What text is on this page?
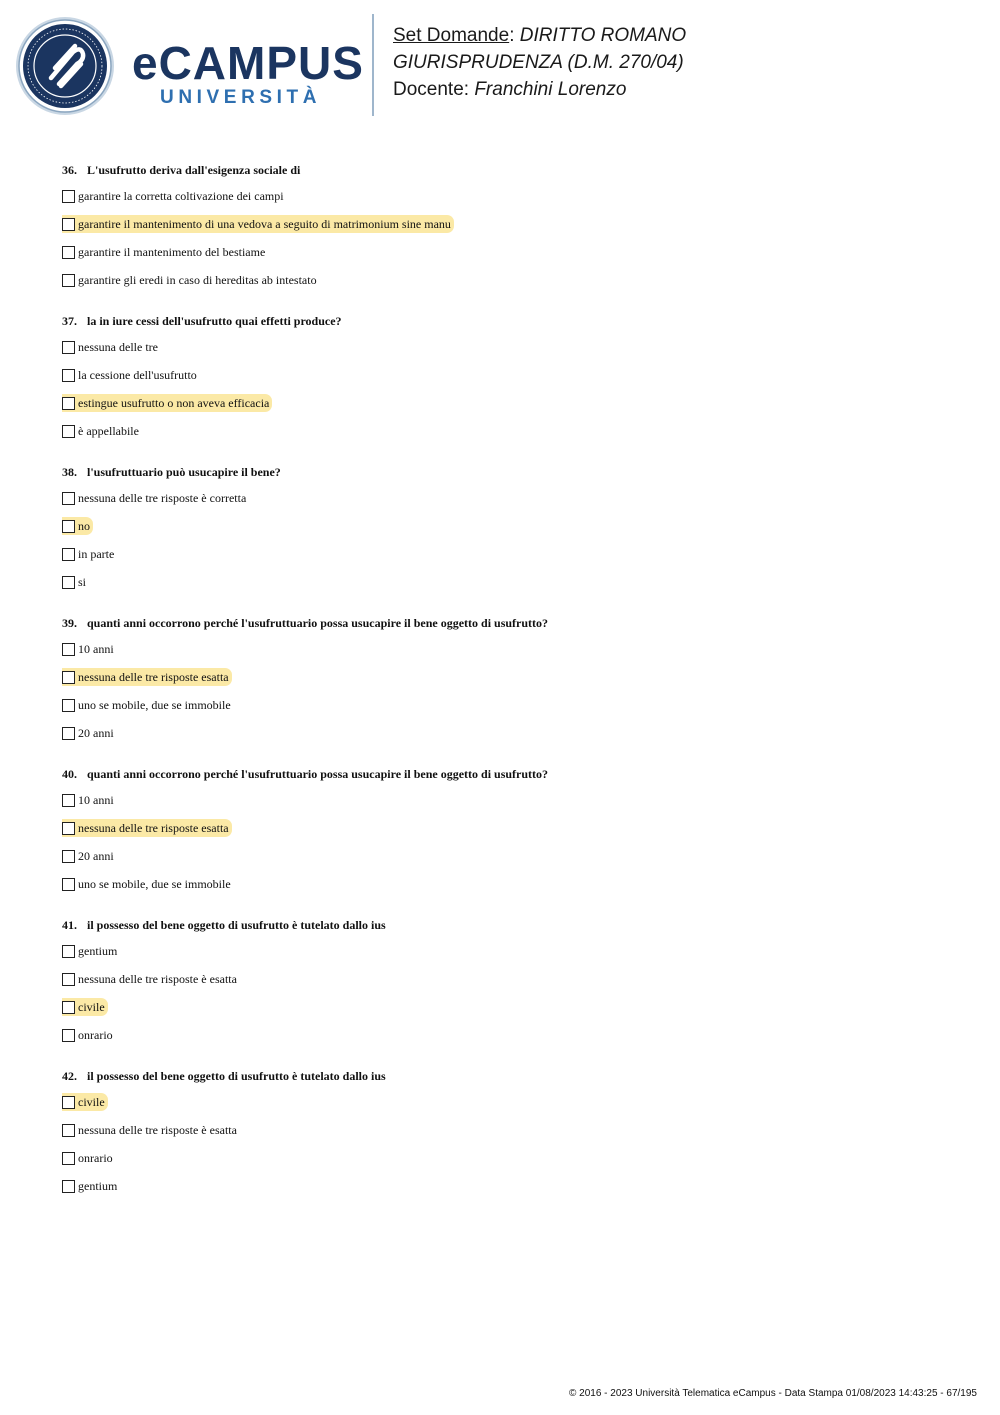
eCAMPUS
UNIVERSITÀ
Set Domande: DIRITTO ROMANO
GIURISPRUDENZA (D.M. 270/04)
Docente: Franchini Lorenzo
36. L'usufrutto deriva dall'esigenza sociale di
garantire la corretta coltivazione dei campi
garantire il mantenimento di una vedova a seguito di matrimonium sine manu
garantire il mantenimento del bestiame
garantire gli eredi in caso di hereditas ab intestato
37. la in iure cessi dell'usufrutto quai effetti produce?
nessuna delle tre
la cessione dell'usufrutto
estingue usufrutto o non aveva efficacia
è appellabile
38. l'usufruttuario può usucapire il bene?
nessuna delle tre risposte è corretta
no
in parte
si
39. quanti anni occorrono perché l'usufruttuario possa usucapire il bene oggetto di usufrutto?
10 anni
nessuna delle tre risposte esatta
uno se mobile, due se immobile
20 anni
40. quanti anni occorrono perché l'usufruttuario possa usucapire il bene oggetto di usufrutto?
10 anni
nessuna delle tre risposte esatta
20 anni
uno se mobile, due se immobile
41. il possesso del bene oggetto di usufrutto è tutelato dallo ius
gentium
nessuna delle tre risposte è esatta
civile
onrario
42. il possesso del bene oggetto di usufrutto è tutelato dallo ius
civile
nessuna delle tre risposte è esatta
onrario
gentium
© 2016 - 2023 Università Telematica eCampus - Data Stampa 01/08/2023 14:43:25 - 67/195
